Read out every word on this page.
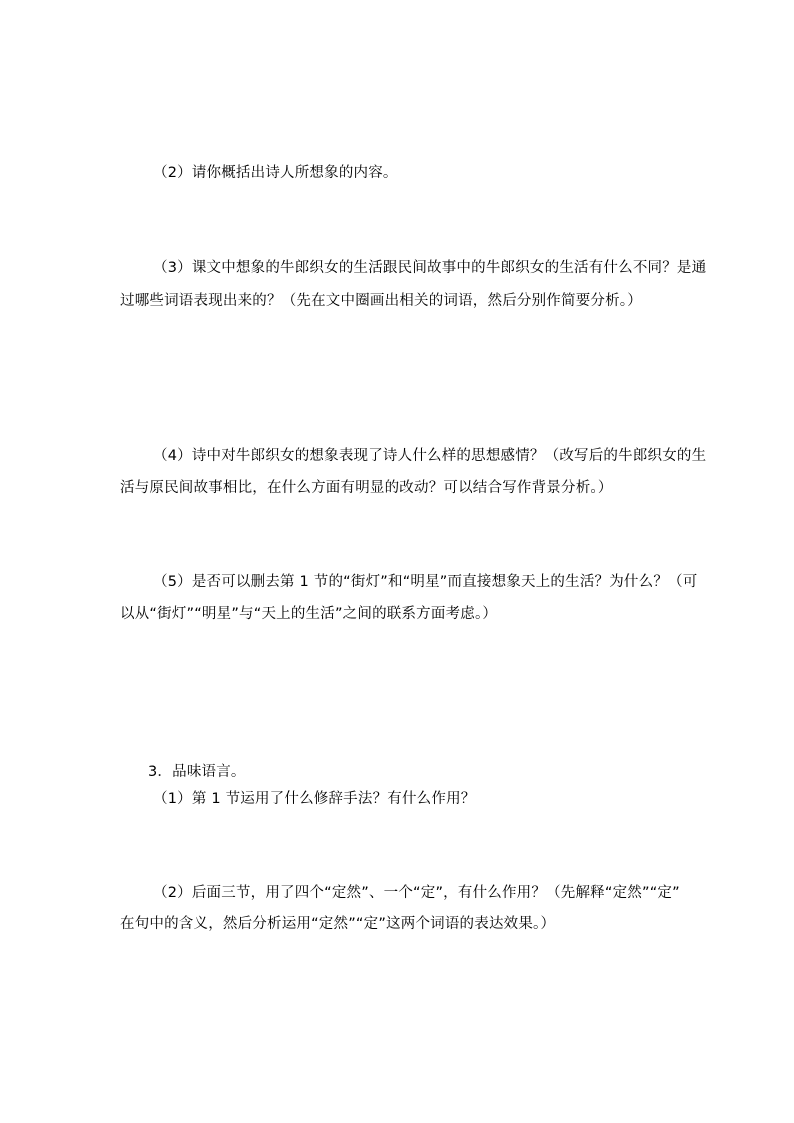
（2）请你概括出诗人所想象的内容。
（3）课文中想象的牛郎织女的生活跟民间故事中的牛郎织女的生活有什么不同？是通
过哪些词语表现出来的？（先在文中圈画出相关的词语，然后分别作简要分析。）
（4）诗中对牛郎织女的想象表现了诗人什么样的思想感情？（改写后的牛郎织女的生
活与原民间故事相比，在什么方面有明显的改动？可以结合写作背景分析。）
（5）是否可以删去第 1 节的“街灯”和“明星”而直接想象天上的生活？为什么？（可
以从“街灯”“明星”与“天上的生活”之间的联系方面考虑。）
3．品味语言。
（1）第 1 节运用了什么修辞手法？有什么作用？
（2）后面三节，用了四个“定然”、一个“定”，有什么作用？（先解释“定然”“定”
在句中的含义，然后分析运用“定然”“定”这两个词语的表达效果。）
